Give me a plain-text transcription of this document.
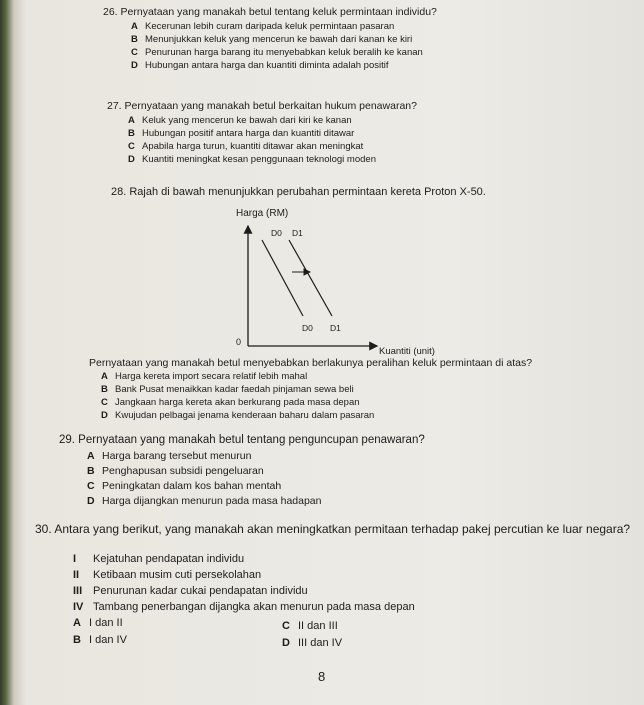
26. Pernyataan yang manakah betul tentang keluk permintaan individu?
A Kecerunan lebih curam daripada keluk permintaan pasaran
B Menunjukkan keluk yang mencerun ke bawah dari kanan ke kiri
C Penurunan harga barang itu menyebabkan keluk beralih ke kanan
D Hubungan antara harga dan kuantiti diminta adalah positif
27. Pernyataan yang manakah betul berkaitan hukum penawaran?
A Keluk yang mencerun ke bawah dari kiri ke kanan
B Hubungan positif antara harga dan kuantiti ditawar
C Apabila harga turun, kuantiti ditawar akan meningkat
D Kuantiti meningkat kesan penggunaan teknologi moden
28. Rajah di bawah menunjukkan perubahan permintaan kereta Proton X-50.
Harga (RM)
D0 D1
D0 D1
0
Kuantiti (unit)
Pernyataan yang manakah betul menyebabkan berlakunya peralihan keluk permintaan di atas?
A Harga kereta import secara relatif lebih mahal
B Bank Pusat menaikkan kadar faedah pinjaman sewa beli
C Jangkaan harga kereta akan berkurang pada masa depan
D Kwujudan pelbagai jenama kenderaan baharu dalam pasaran
29. Pernyataan yang manakah betul tentang penguncupan penawaran?
A Harga barang tersebut menurun
B Penghapusan subsidi pengeluaran
C Peningkatan dalam kos bahan mentah
D Harga dijangkan menurun pada masa hadapan
30. Antara yang berikut, yang manakah akan meningkatkan permitaan terhadap pakej percutian ke luar negara?
I Kejatuhan pendapatan individu
II Ketibaan musim cuti persekolahan
III Penurunan kadar cukai pendapatan individu
IV Tambang penerbangan dijangka akan menurun pada masa depan
A I dan II
B I dan IV
C II dan III
D III dan IV
8
